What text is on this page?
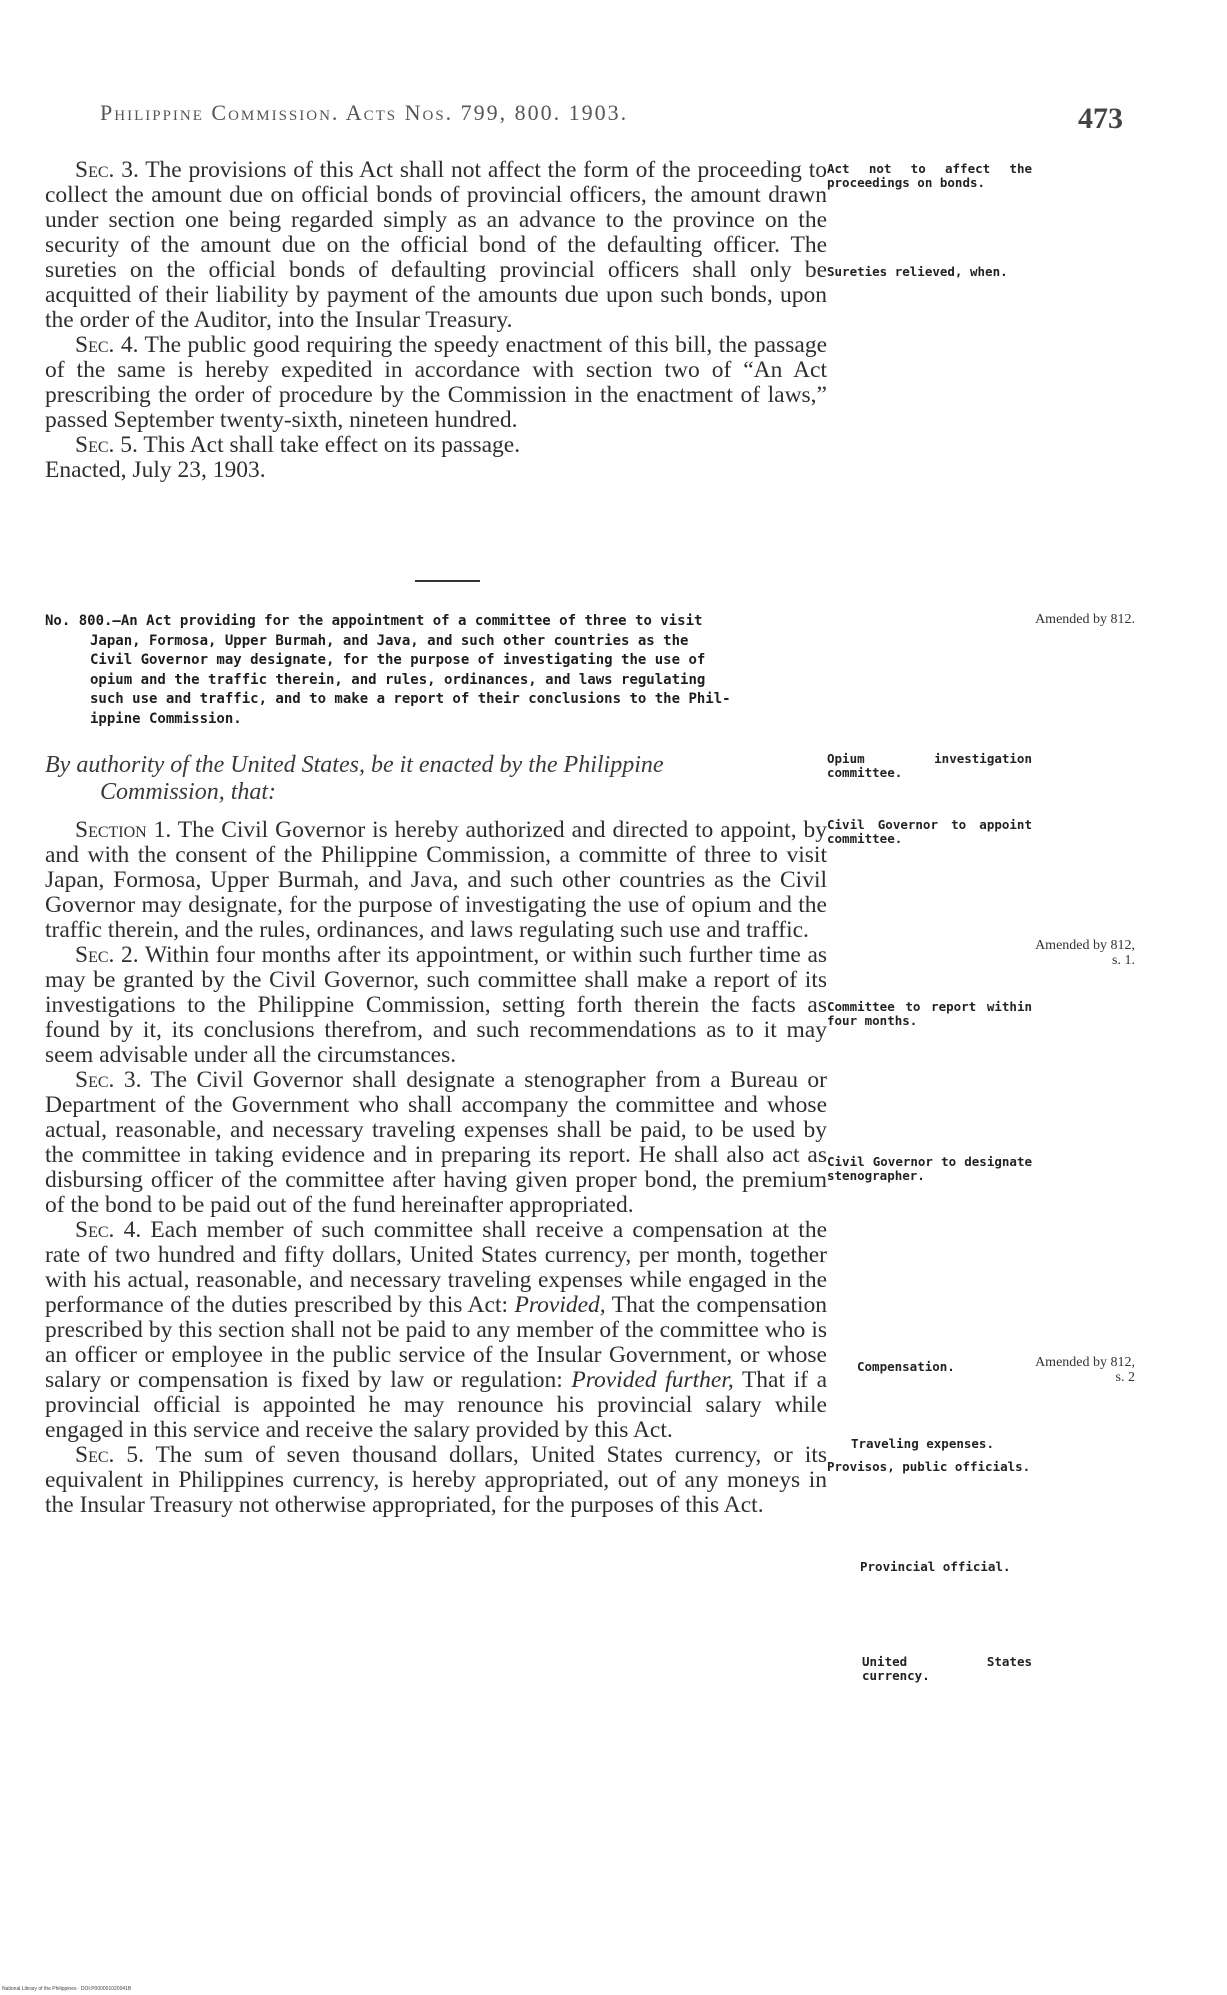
Philippine Commission. Acts Nos. 799, 800. 1903.	473

Sec. 3. The provisions of this Act shall not affect the form of the proceeding to collect the amount due on official bonds of provincial officers, the amount drawn under section one being regarded simply as an advance to the province on the security of the amount due on the official bond of the defaulting officer. The sureties on the official bonds of defaulting provincial officers shall only be acquitted of their liability by payment of the amounts due upon such bonds, upon the order of the Auditor, into the Insular Treasury.

Sec. 4. The public good requiring the speedy enactment of this bill, the passage of the same is hereby expedited in accordance with section two of “An Act prescribing the order of procedure by the Commission in the enactment of laws,” passed September twenty-sixth, nineteen hundred.

Sec. 5. This Act shall take effect on its passage.

Enacted, July 23, 1903.

No. 800.—An Act providing for the appointment of a committee of three to visit
Japan, Formosa, Upper Burmah, and Java, and such other countries as the
Civil Governor may designate, for the purpose of investigating the use of
opium and the traffic therein, and rules, ordinances, and laws regulating
such use and traffic, and to make a report of their conclusions to the Phil-
ippine Commission.
By authority of the United States, be it enacted by the Philippine
Commission, that:

Section 1. The Civil Governor is hereby authorized and directed to appoint, by and with the consent of the Philippine Commission, a committe of three to visit Japan, Formosa, Upper Burmah, and Java, and such other countries as the Civil Governor may designate, for the purpose of investigating the use of opium and the traffic therein, and the rules, ordinances, and laws regulating such use and traffic.

Sec. 2. Within four months after its appointment, or within such further time as may be granted by the Civil Governor, such committee shall make a report of its investigations to the Philippine Commission, setting forth therein the facts as found by it, its conclusions therefrom, and such recommendations as to it may seem advisable under all the circumstances.

Sec. 3. The Civil Governor shall designate a stenographer from a Bureau or Department of the Government who shall accompany the committee and whose actual, reasonable, and necessary traveling expenses shall be paid, to be used by the committee in taking evidence and in preparing its report. He shall also act as disbursing officer of the committee after having given proper bond, the premium of the bond to be paid out of the fund hereinafter appropriated.

Sec. 4. Each member of such committee shall receive a compensation at the rate of two hundred and fifty dollars, United States currency, per month, together with his actual, reasonable, and necessary traveling expenses while engaged in the performance of the duties prescribed by this Act: Provided, That the compensation prescribed by this section shall not be paid to any member of the committee who is an officer or employee in the public service of the Insular Government, or whose salary or compensation is fixed by law or regulation: Provided further, That if a provincial official is appointed he may renounce his provincial salary while engaged in this service and receive the salary provided by this Act.

Sec. 5. The sum of seven thousand dollars, United States currency, or its equivalent in Philippines currency, is hereby appropriated, out of any moneys in the Insular Treasury not otherwise appropriated, for the purposes of this Act.

Act not to affect the proceedings on bonds.
Sureties relieved, when.
Opium investigation committee.
Civil Governor to appoint committee.
Committee to report within four months.
Civil Governor to designate stenographer.
Compensation.
Traveling expenses.
Provisos, public officials.
Provincial official.
United States currency.
Amended by 812.
Amended by 812, s. 1.
Amended by 812, s. 2
National Library of the Philippines · DOI:P000001020041B
